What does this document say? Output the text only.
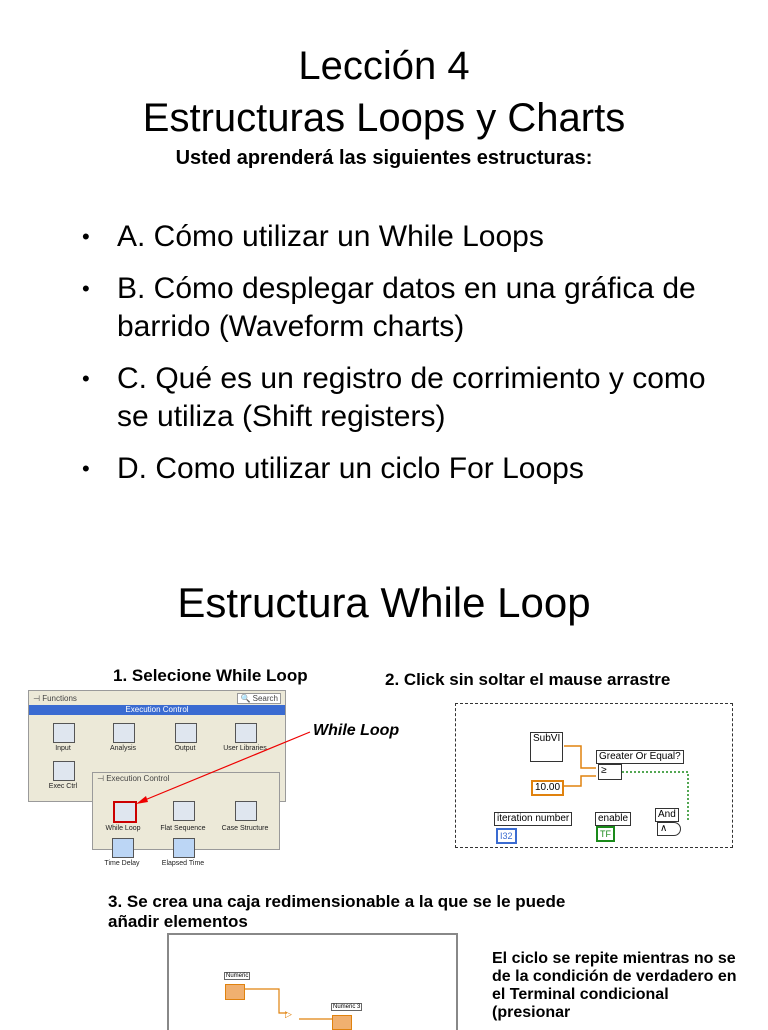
Lección 4
Estructuras Loops y Charts
Usted aprenderá las siguientes estructuras:
• A. Cómo utilizar un While Loops
• B. Cómo desplegar datos en una gráfica de barrido (Waveform charts)
• C. Qué es un registro de corrimiento y como se utiliza (Shift registers)
• D. Como utilizar un ciclo For Loops
Estructura While Loop
1. Selecione While Loop	2. Click sin soltar el mause arrastre
⊣ Functions	🔍 Search
Execution Control
Input	Analysis	Output	User Libraries
Exec Ctrl
⊣ Execution Control
While Loop	Flat Sequence	Case Structure
Time Delay	Elapsed Time
While Loop	SubVI
Greater Or Equal?
≥
10.00
iteration number
I32
enable
TF
And
∧
3. Se crea una caja redimensionable a la que se le puede añadir elementos
Numeric
Numeric 3
▷
El ciclo se repite mientras no se de la condición de verdadero en el Terminal condicional (presionar
